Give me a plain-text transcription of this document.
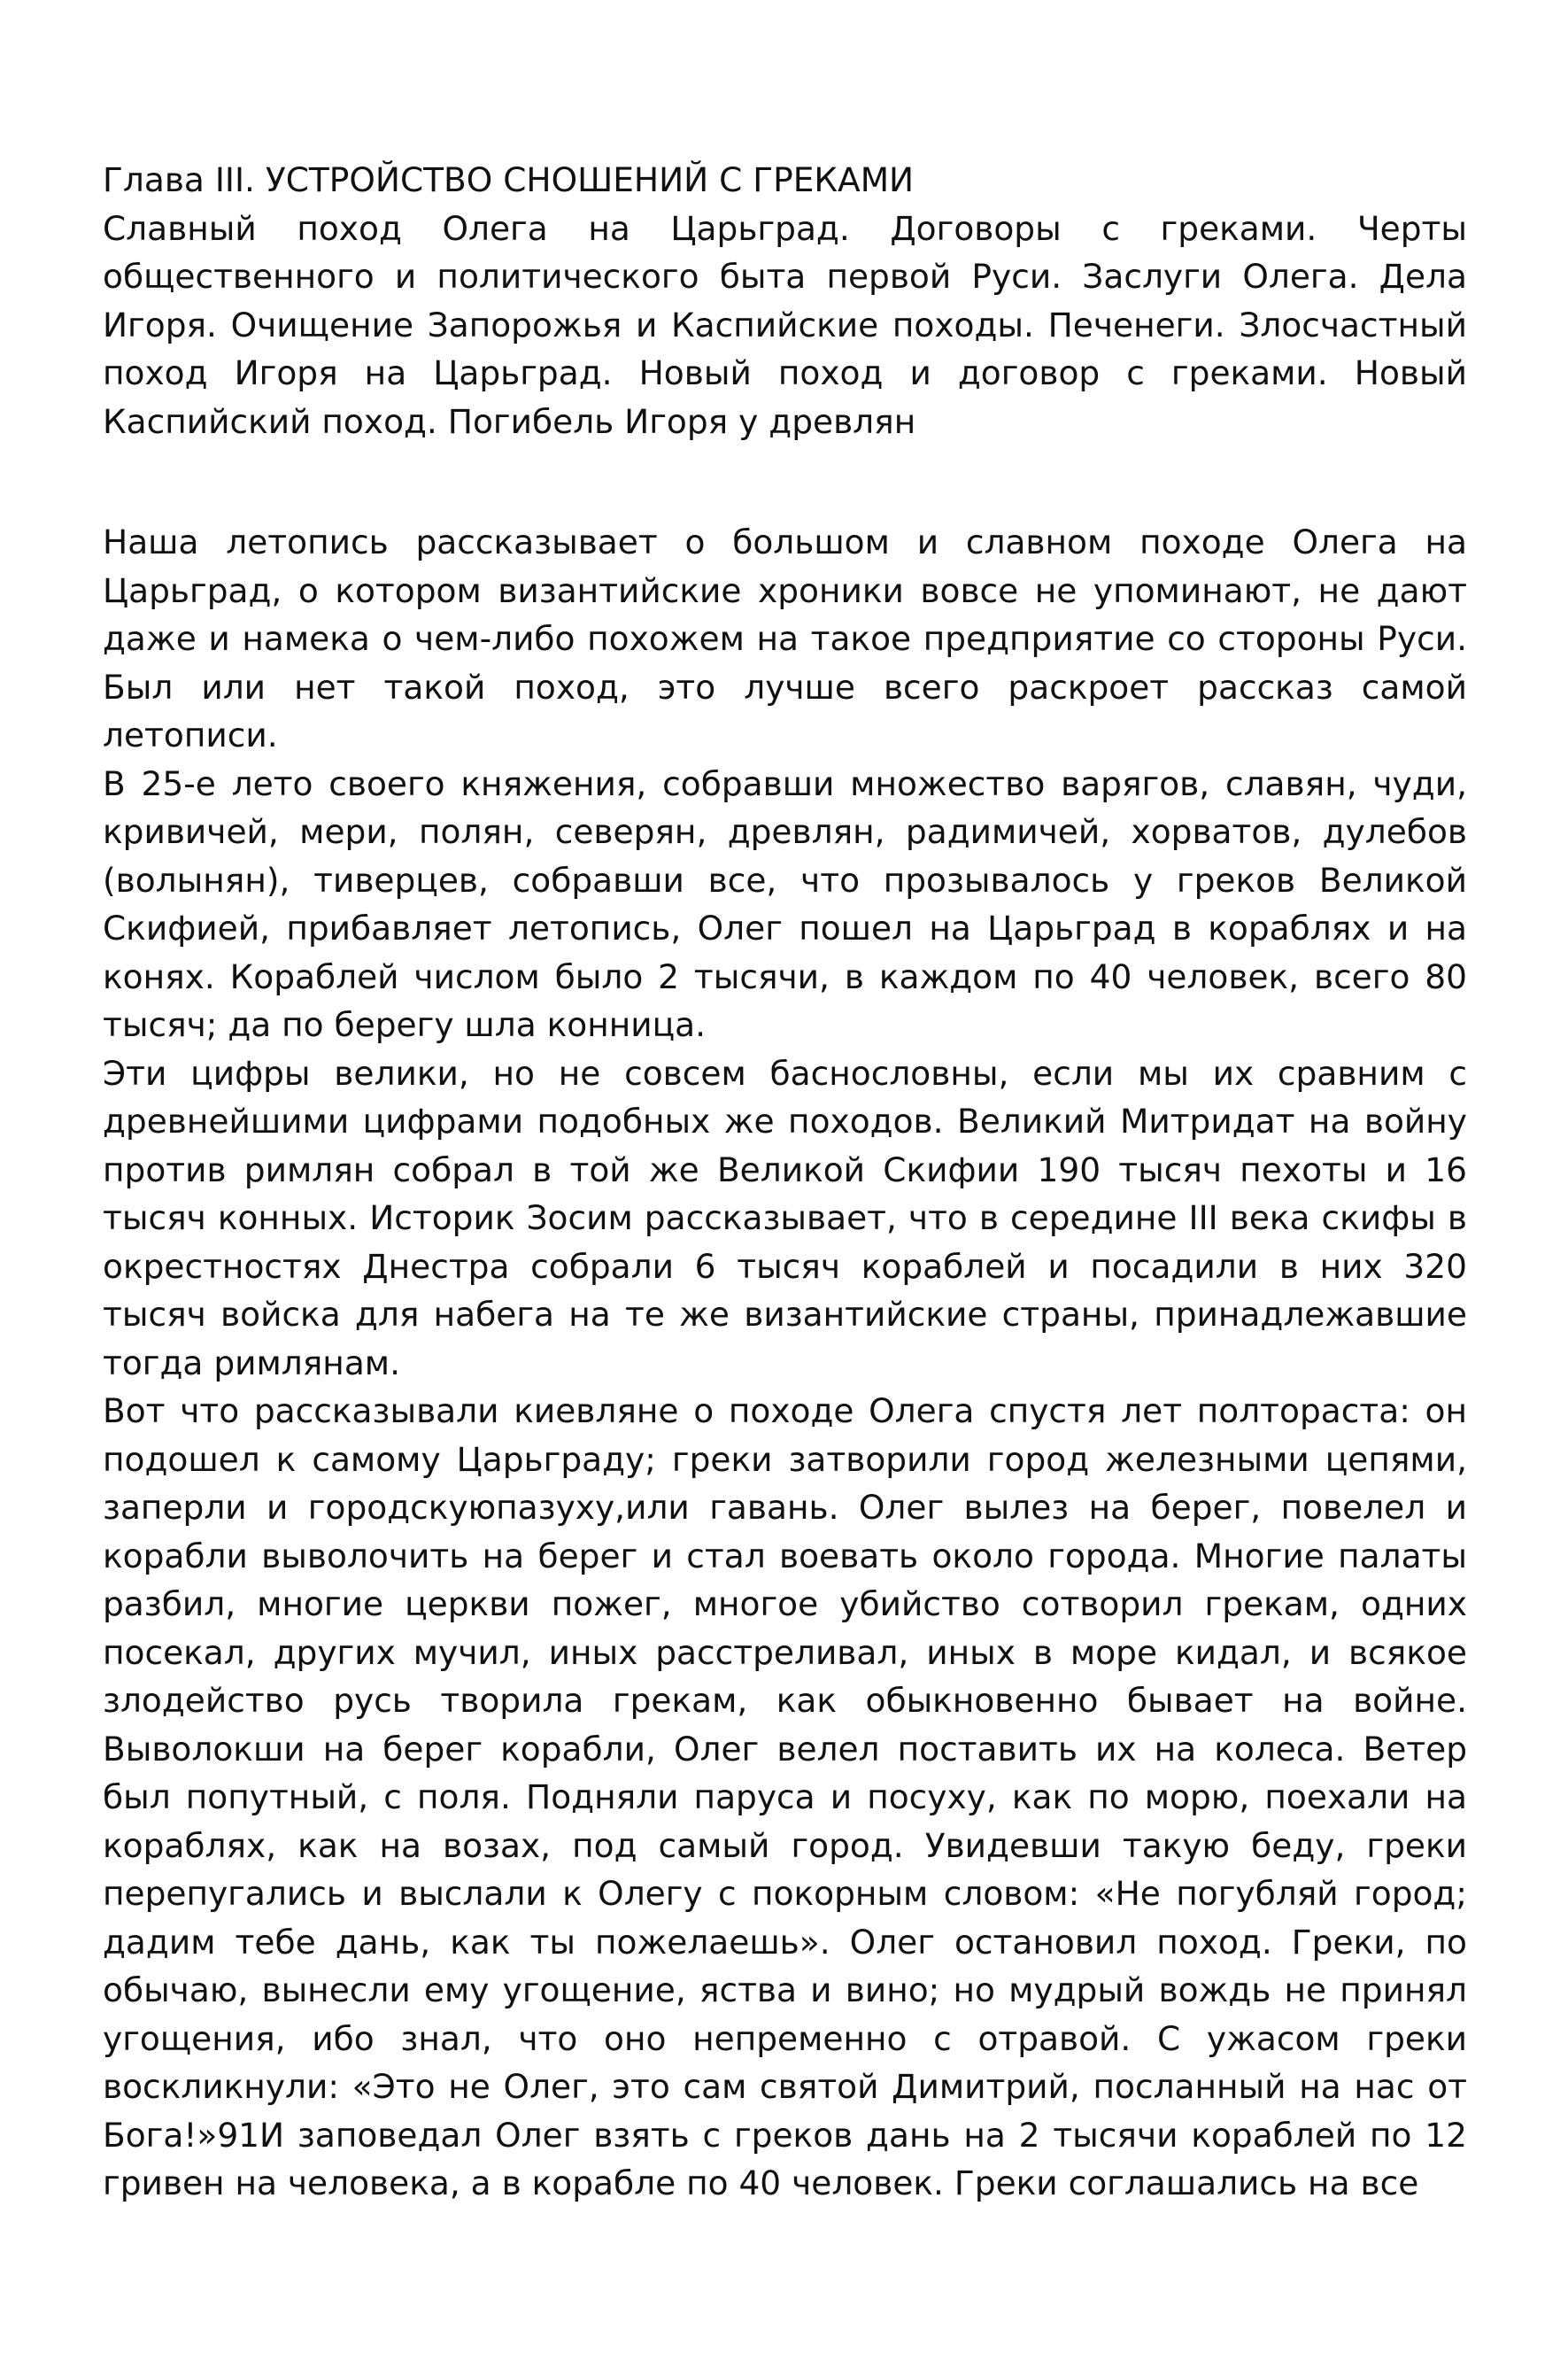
Глава III. УСТРОЙСТВО СНОШЕНИЙ С ГРЕКАМИ

Славный поход Олега на Царьград. Договоры с греками. Черты общественного и политического быта первой Руси. Заслуги Олега. Дела Игоря. Очищение Запорожья и Каспийские походы. Печенеги. Злосчастный поход Игоря на Царьград. Новый поход и договор с греками. Новый Каспийский поход. Погибель Игоря у древлян

Наша летопись рассказывает о большом и славном походе Олега на Царьград, о котором византийские хроники вовсе не упоминают, не дают даже и намека о чем-либо похожем на такое предприятие со стороны Руси. Был или нет такой поход, это лучше всего раскроет рассказ самой летописи.

В 25-е лето своего княжения, собравши множество варягов, славян, чуди, кривичей, мери, полян, северян, древлян, радимичей, хорватов, дулебов (волынян), тиверцев, собравши все, что прозывалось у греков Великой Скифией, прибавляет летопись, Олег пошел на Царьград в кораблях и на конях. Кораблей числом было 2 тысячи, в каждом по 40 человек, всего 80 тысяч; да по берегу шла конница.

Эти цифры велики, но не совсем баснословны, если мы их сравним с древнейшими цифрами подобных же походов. Великий Митридат на войну против римлян собрал в той же Великой Скифии 190 тысяч пехоты и 16 тысяч конных. Историк Зосим рассказывает, что в середине III века скифы в окрестностях Днестра собрали 6 тысяч кораблей и посадили в них 320 тысяч войска для набега на те же византийские страны, принадлежавшие тогда римлянам.

Вот что рассказывали киевляне о походе Олега спустя лет полтораста: он подошел к самому Царьграду; греки затворили город железными цепями, заперли и городскуюпазуху,или гавань. Олег вылез на берег, повелел и корабли выволочить на берег и стал воевать около города. Многие палаты разбил, многие церкви пожег, многое убийство сотворил грекам, одних посекал, других мучил, иных расстреливал, иных в море кидал, и всякое злодейство русь творила грекам, как обыкновенно бывает на войне. Выволокши на берег корабли, Олег велел поставить их на колеса. Ветер был попутный, с поля. Подняли паруса и посуху, как по морю, поехали на кораблях, как на возах, под самый город. Увидевши такую беду, греки перепугались и выслали к Олегу с покорным словом: «Не погубляй город; дадим тебе дань, как ты пожелаешь». Олег остановил поход. Греки, по обычаю, вынесли ему угощение, яства и вино; но мудрый вождь не принял угощения, ибо знал, что оно непременно с отравой. С ужасом греки воскликнули: «Это не Олег, это сам святой Димитрий, посланный на нас от Бога!»91И заповедал Олег взять с греков дань на 2 тысячи кораблей по 12 гривен на человека, а в корабле по 40 человек. Греки соглашались на все
